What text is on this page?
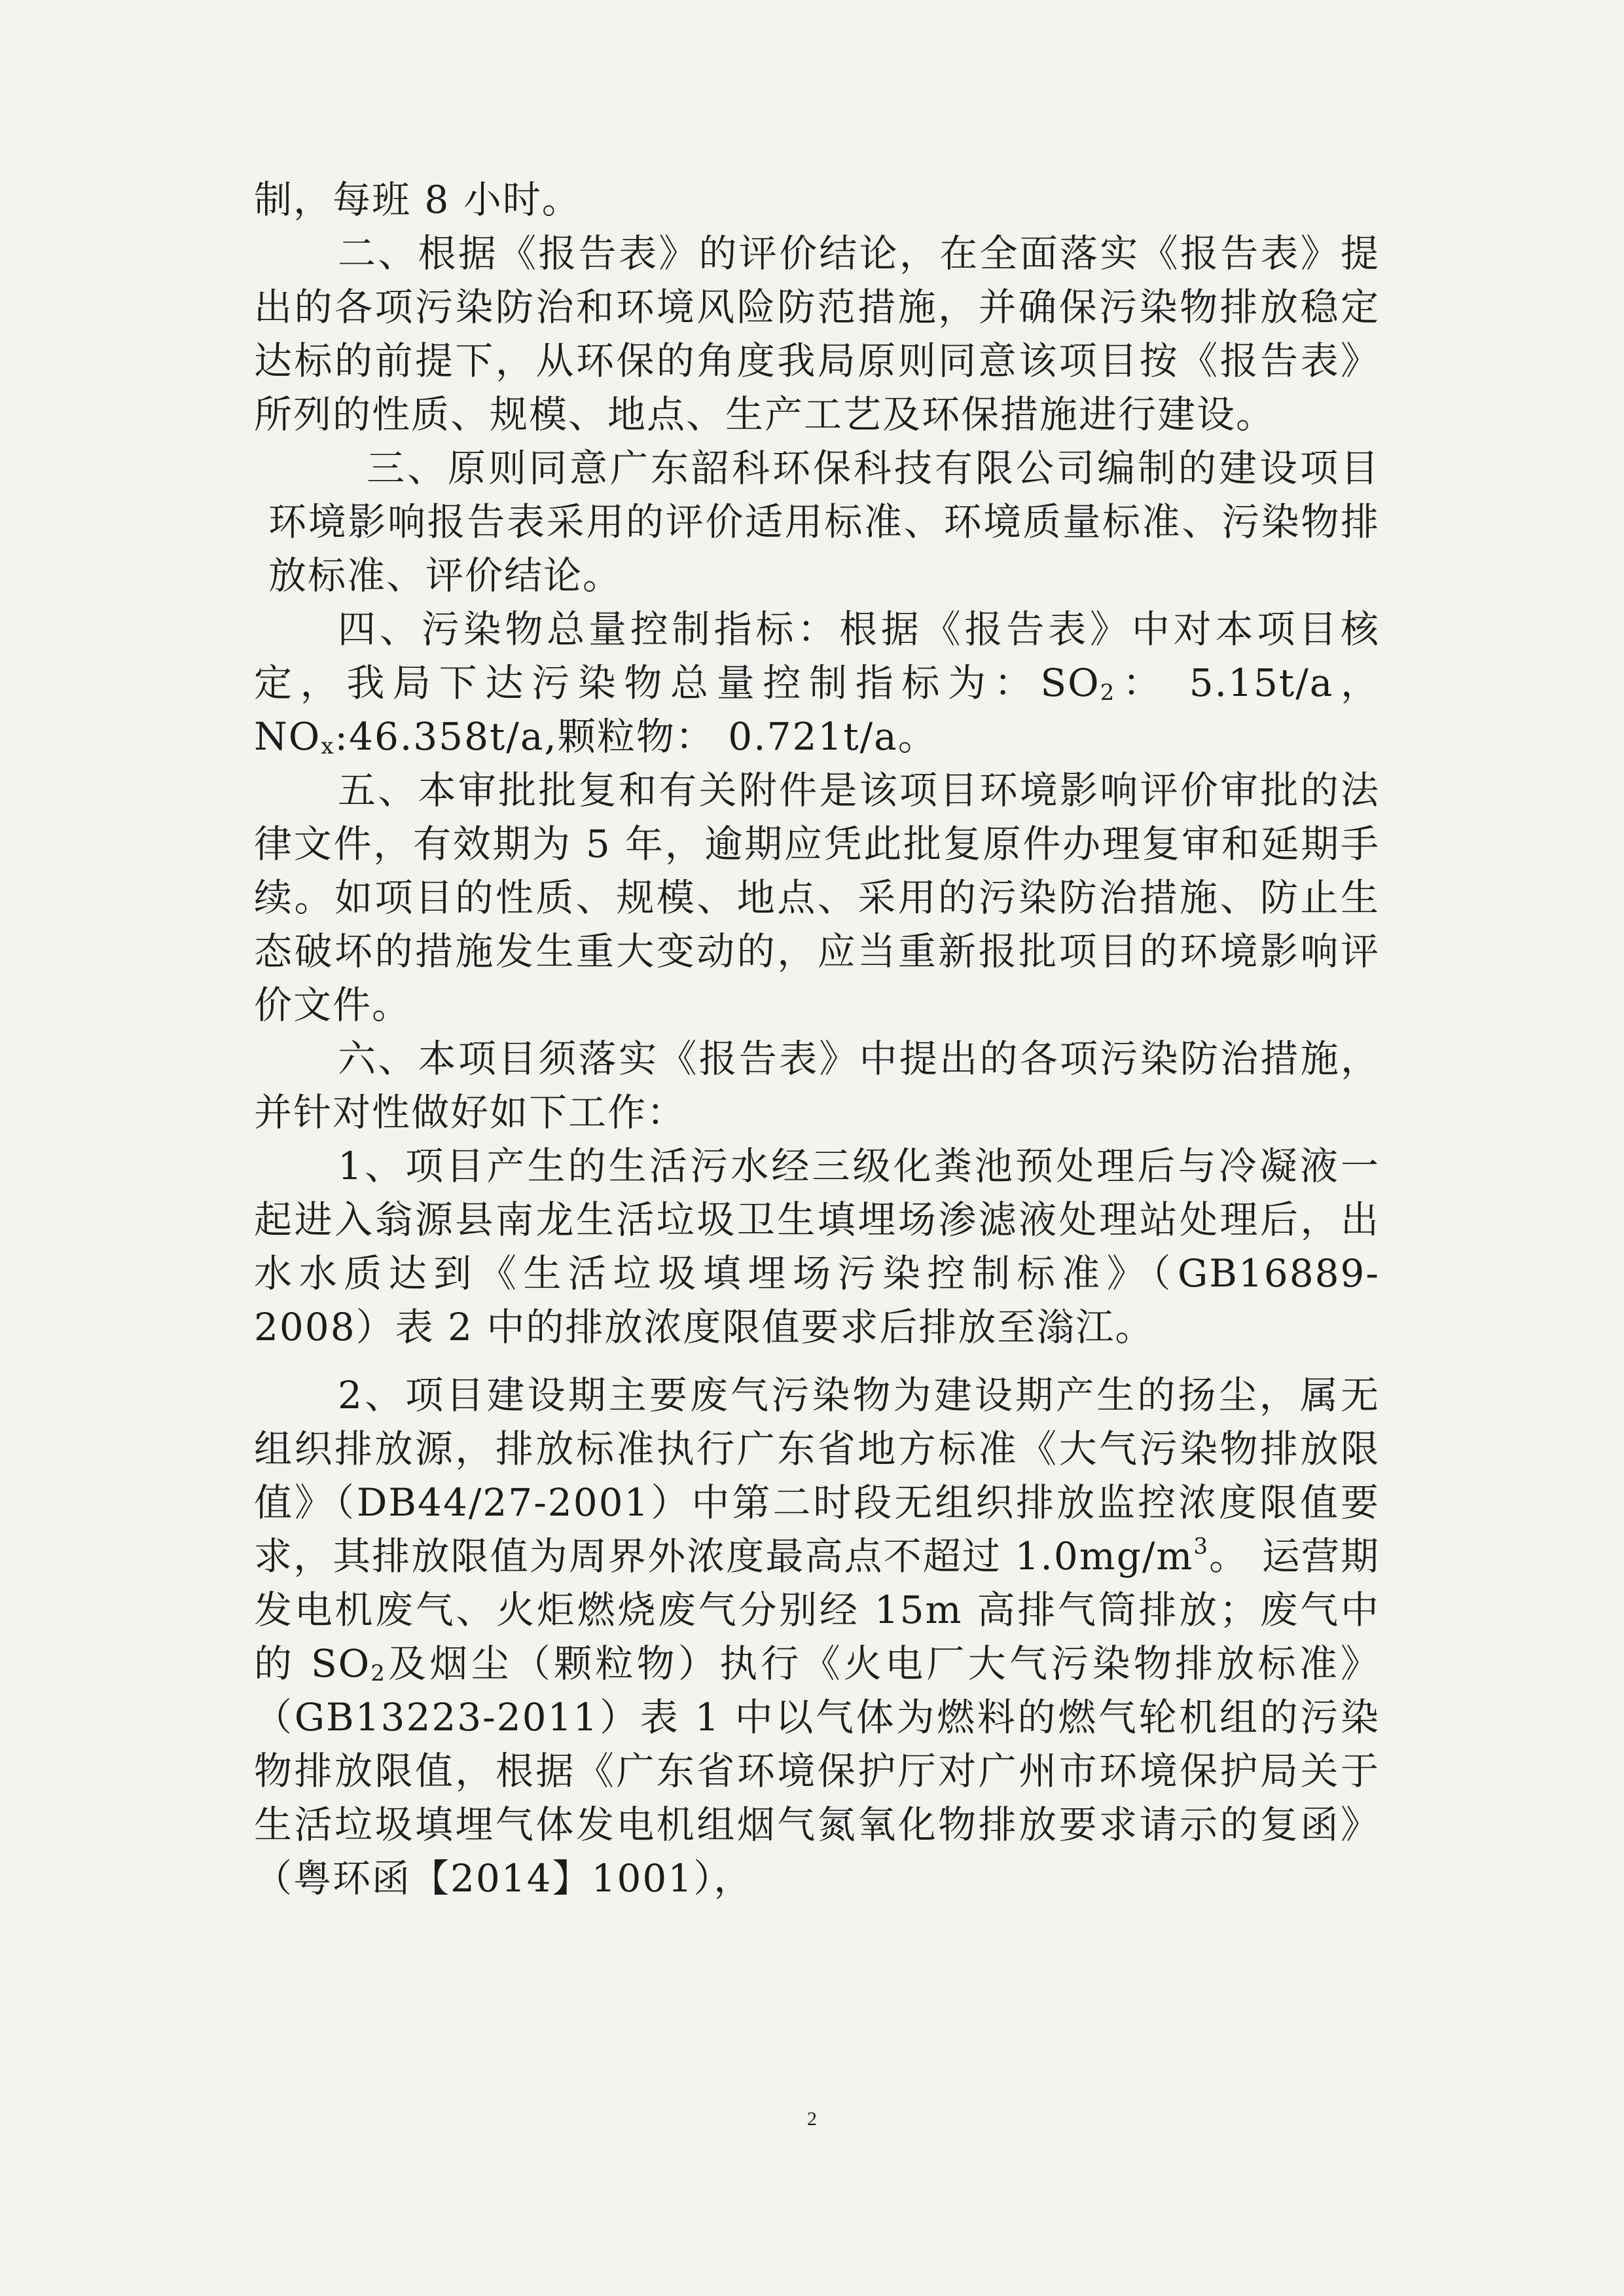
制，每班 8 小时。

二、根据《报告表》的评价结论，在全面落实《报告表》提出的各项污染防治和环境风险防范措施，并确保污染物排放稳定达标的前提下，从环保的角度我局原则同意该项目按《报告表》所列的性质、规模、地点、生产工艺及环保措施进行建设。

三、原则同意广东韶科环保科技有限公司编制的建设项目环境影响报告表采用的评价适用标准、环境质量标准、污染物排放标准、评价结论。

四、污染物总量控制指标：根据《报告表》中对本项目核定，我局下达污染物总量控制指标为：$SO_2$： 5.15t/a，$NO_x:46.358t/a$,颗粒物： 0.721t/a。

五、本审批批复和有关附件是该项目环境影响评价审批的法律文件，有效期为 5 年，逾期应凭此批复原件办理复审和延期手续。如项目的性质、规模、地点、采用的污染防治措施、防止生态破坏的措施发生重大变动的，应当重新报批项目的环境影响评价文件。

六、本项目须落实《报告表》中提出的各项污染防治措施，并针对性做好如下工作：

1、项目产生的生活污水经三级化粪池预处理后与冷凝液一起进入翁源县南龙生活垃圾卫生填埋场渗滤液处理站处理后，出水水质达到《生活垃圾填埋场污染控制标准》（GB16889-2008）表 2 中的排放浓度限值要求后排放至滃江。

2、项目建设期主要废气污染物为建设期产生的扬尘，属无组织排放源，排放标准执行广东省地方标准《大气污染物排放限值》（DB44/27-2001）中第二时段无组织排放监控浓度限值要求，其排放限值为周界外浓度最高点不超过 $1.0mg/m^3$。 运营期发电机废气、火炬燃烧废气分别经 15m 高排气筒排放；废气中的 $SO_2$及烟尘（颗粒物）执行《火电厂大气污染物排放标准》（GB13223-2011）表 1 中以气体为燃料的燃气轮机组的污染物排放限值，根据《广东省环境保护厅对广州市环境保护局关于生活垃圾填埋气体发电机组烟气氮氧化物排放要求请示的复函》（粤环函【2014】1001），

2
